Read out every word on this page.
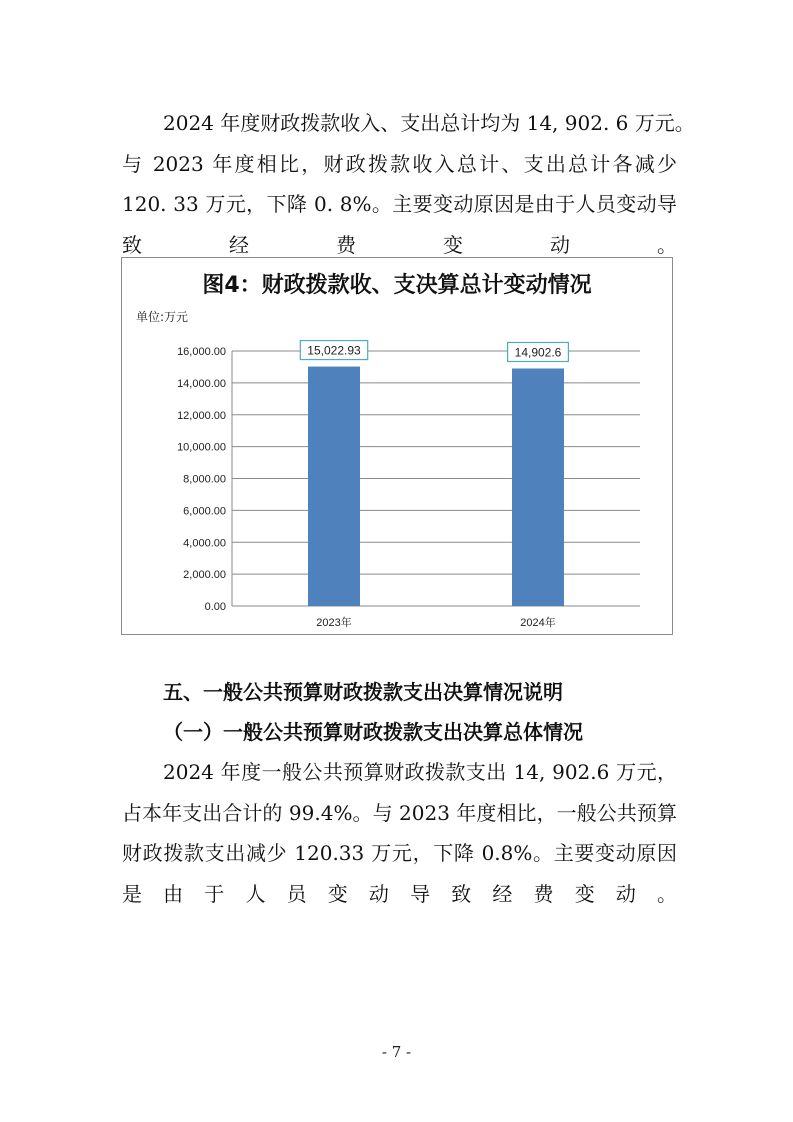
2024 年度财政拨款收入、支出总计均为 14, 902. 6 万元。
与 2023 年度相比，财政拨款收入总计、支出总计各减少
120. 33 万元，下降 0. 8%。主要变动原因是由于人员变动导
致经费变动。
图4：财政拨款收、支决算总计变动情况
单位:万元
0.00
2,000.00
4,000.00
6,000.00
8,000.00
10,000.00
12,000.00
14,000.00
16,000.00
2023年
15,022.93
2024年
14,902.6
五、一般公共预算财政拨款支出决算情况说明
（一）一般公共预算财政拨款支出决算总体情况
2024 年度一般公共预算财政拨款支出 14, 902.6 万元，
占本年支出合计的 99.4%。与 2023 年度相比，一般公共预算
财政拨款支出减少 120.33 万元，下降 0.8%。主要变动原因
是由于人员变动导致经费变动。
- 7 -
